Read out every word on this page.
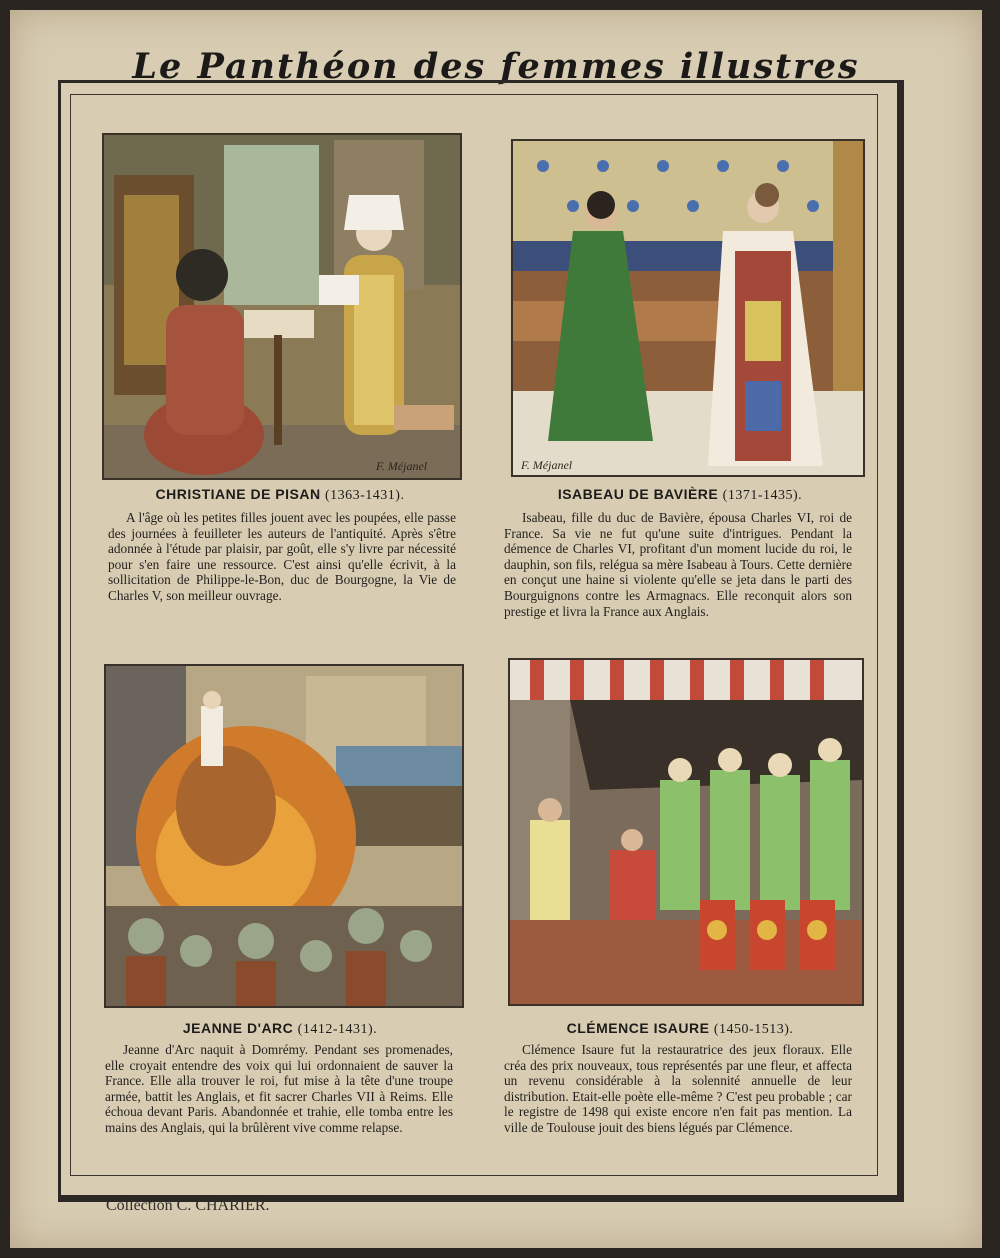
Le Panthéon des femmes illustres
F. Méjanel	F. Méjanel
CHRISTIANE DE PISAN (1363-1431).
A l'âge où les petites filles jouent avec les poupées, elle passe des journées à feuilleter les auteurs de l'antiquité. Après s'être adonnée à l'étude par plaisir, par goût, elle s'y livre par nécessité pour s'en faire une ressource. C'est ainsi qu'elle écrivit, à la sollicitation de Philippe-le-Bon, duc de Bourgogne, la Vie de Charles V, son meilleur ouvrage.
ISABEAU DE BAVIÈRE (1371-1435).
Isabeau, fille du duc de Bavière, épousa Charles VI, roi de France. Sa vie ne fut qu'une suite d'intrigues. Pendant la démence de Charles VI, profitant d'un moment lucide du roi, le dauphin, son fils, relégua sa mère Isabeau à Tours. Cette dernière en conçut une haine si violente qu'elle se jeta dans le parti des Bourguignons contre les Armagnacs. Elle reconquit alors son prestige et livra la France aux Anglais.
JEANNE D'ARC (1412-1431).
Jeanne d'Arc naquit à Domrémy. Pendant ses promenades, elle croyait entendre des voix qui lui ordonnaient de sauver la France. Elle alla trouver le roi, fut mise à la tête d'une troupe armée, battit les Anglais, et fit sacrer Charles VII à Reims. Elle échoua devant Paris. Abandonnée et trahie, elle tomba entre les mains des Anglais, qui la brûlèrent vive comme relapse.
CLÉMENCE ISAURE (1450-1513).
Clémence Isaure fut la restauratrice des jeux floraux. Elle créa des prix nouveaux, tous représentés par une fleur, et affecta un revenu considérable à la solennité annuelle de leur distribution. Etait-elle poète elle-même ? C'est peu probable ; car le registre de 1498 qui existe encore n'en fait pas mention. La ville de Toulouse jouit des biens légués par Clémence.
Collection C. CHARIER.
